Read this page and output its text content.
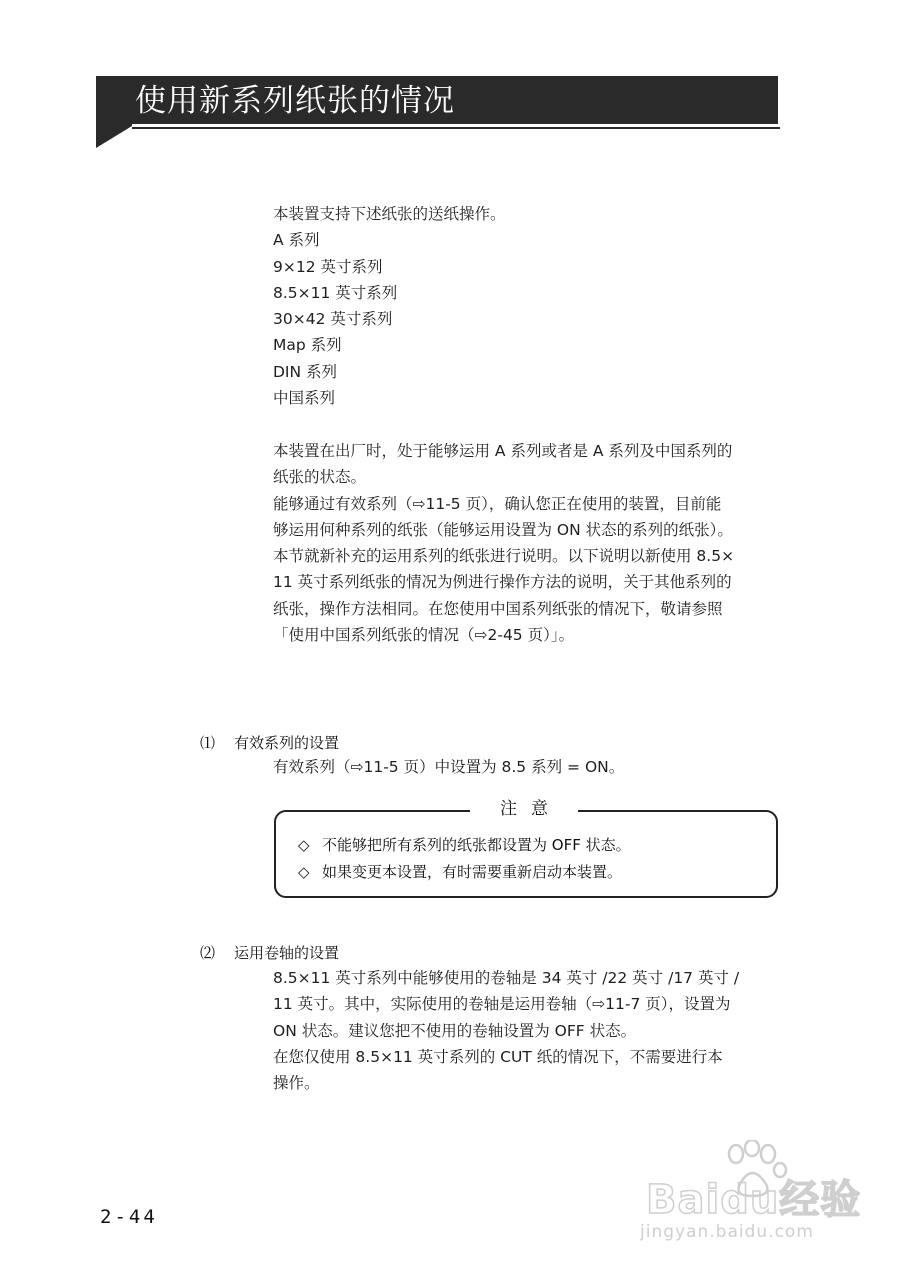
使用新系列纸张的情况
本装置支持下述纸张的送纸操作。
A 系列
9×12 英寸系列
8.5×11 英寸系列
30×42 英寸系列
Map 系列
DIN 系列
中国系列
本装置在出厂时，处于能够运用 A 系列或者是 A 系列及中国系列的
纸张的状态。
能够通过有效系列（⇨11-5 页），确认您正在使用的装置，目前能
够运用何种系列的纸张（能够运用设置为 ON 状态的系列的纸张）。
本节就新补充的运用系列的纸张进行说明。以下说明以新使用 8.5×
11 英寸系列纸张的情况为例进行操作方法的说明，关于其他系列的
纸张，操作方法相同。在您使用中国系列纸张的情况下，敬请参照
「使用中国系列纸张的情况（⇨2-45 页）」。
⑴ 有效系列的设置
有效系列（⇨11-5 页）中设置为 8.5 系列 = ON。
注意
◇ 不能够把所有系列的纸张都设置为 OFF 状态。
◇ 如果变更本设置，有时需要重新启动本装置。
⑵ 运用卷轴的设置
8.5×11 英寸系列中能够使用的卷轴是 34 英寸 /22 英寸 /17 英寸 /
11 英寸。其中，实际使用的卷轴是运用卷轴（⇨11-7 页），设置为
ON 状态。建议您把不使用的卷轴设置为 OFF 状态。
在您仅使用 8.5×11 英寸系列的 CUT 纸的情况下，不需要进行本
操作。
2-44	Baidu经验
jingyan.baidu.com
